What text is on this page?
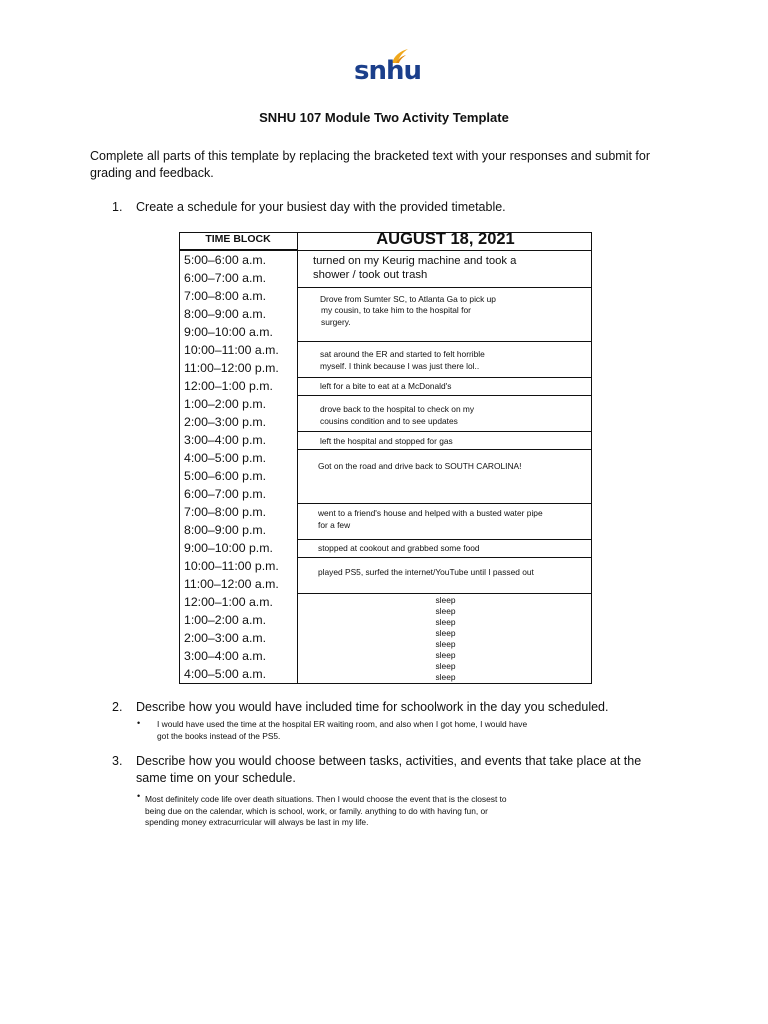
snhu
SNHU 107 Module Two Activity Template
Complete all parts of this template by replacing the bracketed text with your responses and submit for
grading and feedback.
1. Create a schedule for your busiest day with the provided timetable.
TIME BLOCK	AUGUST 18, 2021
5:00–6:00 a.m.
6:00–7:00 a.m.
7:00–8:00 a.m.
8:00–9:00 a.m.
9:00–10:00 a.m.
10:00–11:00 a.m.
11:00–12:00 p.m.
12:00–1:00 p.m.
1:00–2:00 p.m.
2:00–3:00 p.m.
3:00–4:00 p.m.
4:00–5:00 p.m.
5:00–6:00 p.m.
6:00–7:00 p.m.
7:00–8:00 p.m.
8:00–9:00 p.m.
9:00–10:00 p.m.
10:00–11:00 p.m.
11:00–12:00 a.m.
12:00–1:00 a.m.
1:00–2:00 a.m.
2:00–3:00 a.m.
3:00–4:00 a.m.
4:00–5:00 a.m.
turned on my Keurig machine and took a
shower / took out trash
Drove from Sumter SC, to Atlanta Ga to pick up
my cousin, to take him to the hospital for
surgery.
sat around the ER and started to felt horrible
myself. I think because I was just there lol..
left for a bite to eat at a McDonald's
drove back to the hospital to check on my
cousins condition and to see updates
left the hospital and stopped for gas
Got on the road and drive back to SOUTH CAROLINA!
went to a friend's house and helped with a busted water pipe
for a few
stopped at cookout and grabbed some food
played PS5, surfed the internet/YouTube until I passed out
sleep
sleep
sleep
sleep
sleep
sleep
sleep
sleep
2. Describe how you would have included time for schoolwork in the day you scheduled.
• I would have used the time at the hospital ER waiting room, and also when I got home, I would have
got the books instead of the PS5.
3. Describe how you would choose between tasks, activities, and events that take place at the
same time on your schedule.
• Most definitely code life over death situations. Then I would choose the event that is the closest to
being due on the calendar, which is school, work, or family. anything to do with having fun, or
spending money extracurricular will always be last in my life.
